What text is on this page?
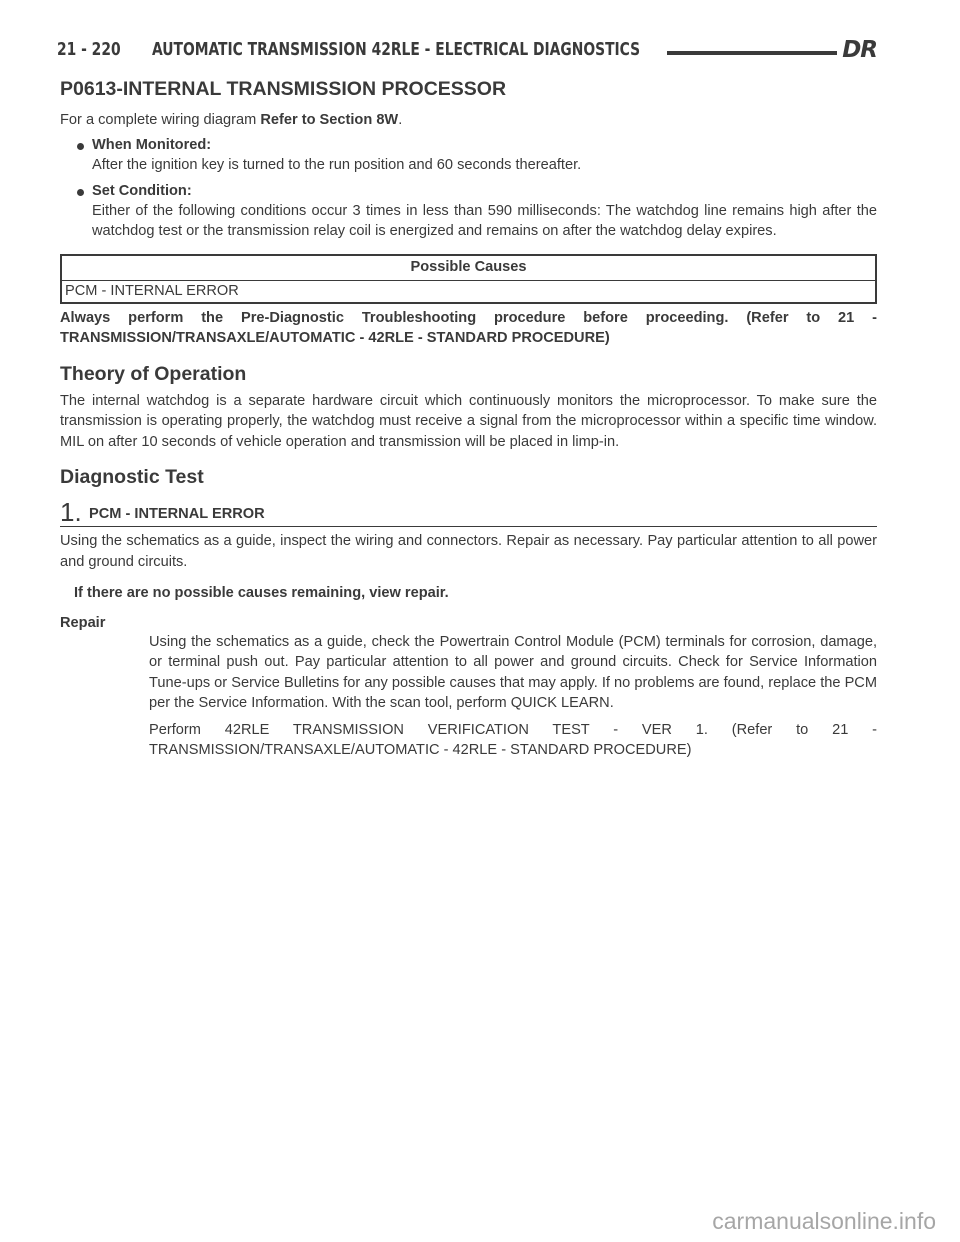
21 - 220 AUTOMATIC TRANSMISSION 42RLE - ELECTRICAL DIAGNOSTICS	DR
P0613-INTERNAL TRANSMISSION PROCESSOR

For a complete wiring diagram Refer to Section 8W.

When Monitored:

After the ignition key is turned to the run position and 60 seconds thereafter.

Set Condition:

Either of the following conditions occur 3 times in less than 590 milliseconds: The watchdog line remains high after the watchdog test or the transmission relay coil is energized and remains on after the watchdog delay expires.

Possible Causes
PCM - INTERNAL ERROR

Always perform the Pre-Diagnostic Troubleshooting procedure before proceeding. (Refer to 21 - TRANSMISSION/TRANSAXLE/AUTOMATIC - 42RLE - STANDARD PROCEDURE)

Theory of Operation

The internal watchdog is a separate hardware circuit which continuously monitors the microprocessor. To make sure the transmission is operating properly, the watchdog must receive a signal from the microprocessor within a specific time window. MIL on after 10 seconds of vehicle operation and transmission will be placed in limp-in.

Diagnostic Test
1. PCM - INTERNAL ERROR

Using the schematics as a guide, inspect the wiring and connectors. Repair as necessary. Pay particular attention to all power and ground circuits.

If there are no possible causes remaining, view repair.

Repair

Using the schematics as a guide, check the Powertrain Control Module (PCM) terminals for corrosion, damage, or terminal push out. Pay particular attention to all power and ground circuits. Check for Service Information Tune-ups or Service Bulletins for any possible causes that may apply. If no problems are found, replace the PCM per the Service Information. With the scan tool, perform QUICK LEARN.

Perform 42RLE TRANSMISSION VERIFICATION TEST - VER 1. (Refer to 21 - TRANSMISSION/TRANSAXLE/AUTOMATIC - 42RLE - STANDARD PROCEDURE)

carmanualsonline.info
